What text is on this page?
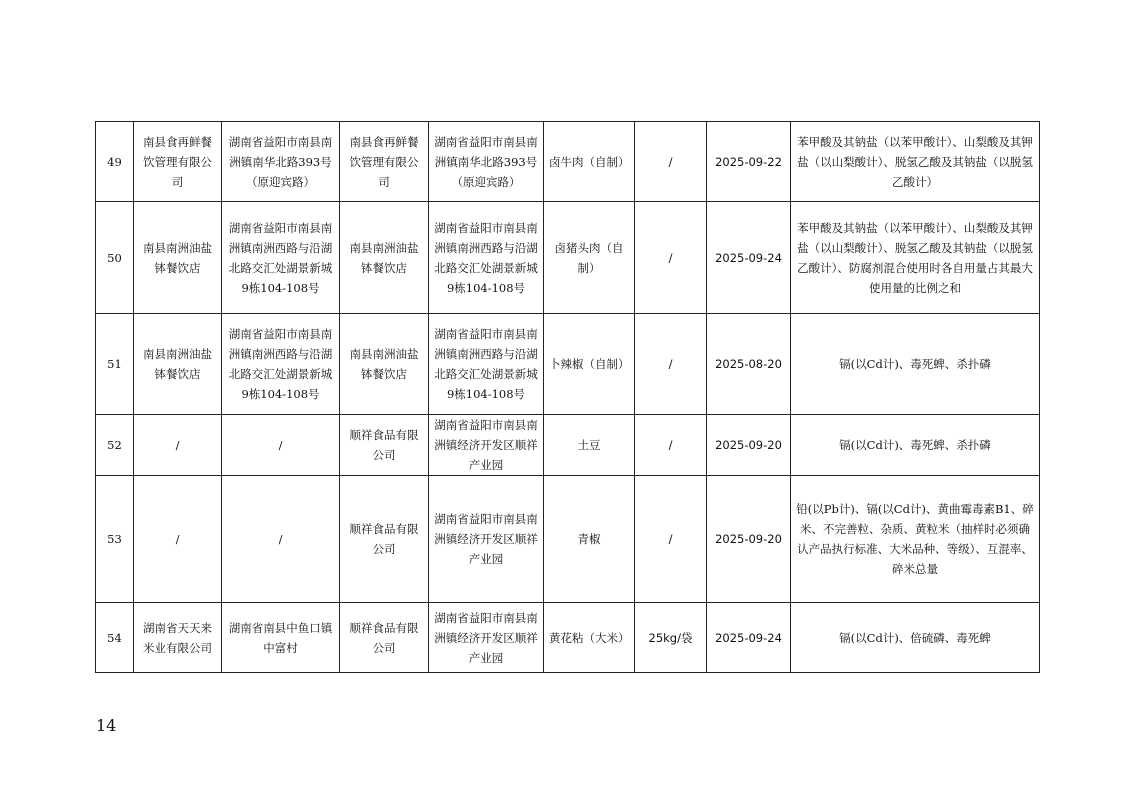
49	南县食再鲜餐饮管理有限公司	湖南省益阳市南县南洲镇南华北路393号（原迎宾路）	南县食再鲜餐饮管理有限公司	湖南省益阳市南县南洲镇南华北路393号（原迎宾路）	卤牛肉（自制）	/	2025-09-22	苯甲酸及其钠盐（以苯甲酸计）、山梨酸及其钾盐（以山梨酸计）、脱氢乙酸及其钠盐（以脱氢乙酸计）
50	南县南洲油盐钵餐饮店	湖南省益阳市南县南洲镇南洲西路与沿湖北路交汇处湖景新城9栋104-108号	南县南洲油盐钵餐饮店	湖南省益阳市南县南洲镇南洲西路与沿湖北路交汇处湖景新城9栋104-108号	卤猪头肉（自制）	/	2025-09-24	苯甲酸及其钠盐（以苯甲酸计）、山梨酸及其钾盐（以山梨酸计）、脱氢乙酸及其钠盐（以脱氢乙酸计）、防腐剂混合使用时各自用量占其最大使用量的比例之和
51	南县南洲油盐钵餐饮店	湖南省益阳市南县南洲镇南洲西路与沿湖北路交汇处湖景新城9栋104-108号	南县南洲油盐钵餐饮店	湖南省益阳市南县南洲镇南洲西路与沿湖北路交汇处湖景新城9栋104-108号	卜辣椒（自制）	/	2025-08-20	镉(以Cd计)、毒死蜱、杀扑磷
52	/	/	顺祥食品有限公司	湖南省益阳市南县南洲镇经济开发区顺祥产业园	土豆	/	2025-09-20	镉(以Cd计)、毒死蜱、杀扑磷
53	/	/	顺祥食品有限公司	湖南省益阳市南县南洲镇经济开发区顺祥产业园	青椒	/	2025-09-20	铅(以Pb计)、镉(以Cd计)、黄曲霉毒素B1、碎米、不完善粒、杂质、黄粒米（抽样时必须确认产品执行标准、大米品种、等级）、互混率、碎米总量
54	湖南省天天来米业有限公司	湖南省南县中鱼口镇中富村	顺祥食品有限公司	湖南省益阳市南县南洲镇经济开发区顺祥产业园	黄花粘（大米）	25kg/袋	2025-09-24	镉(以Cd计)、倍硫磷、毒死蜱
14
